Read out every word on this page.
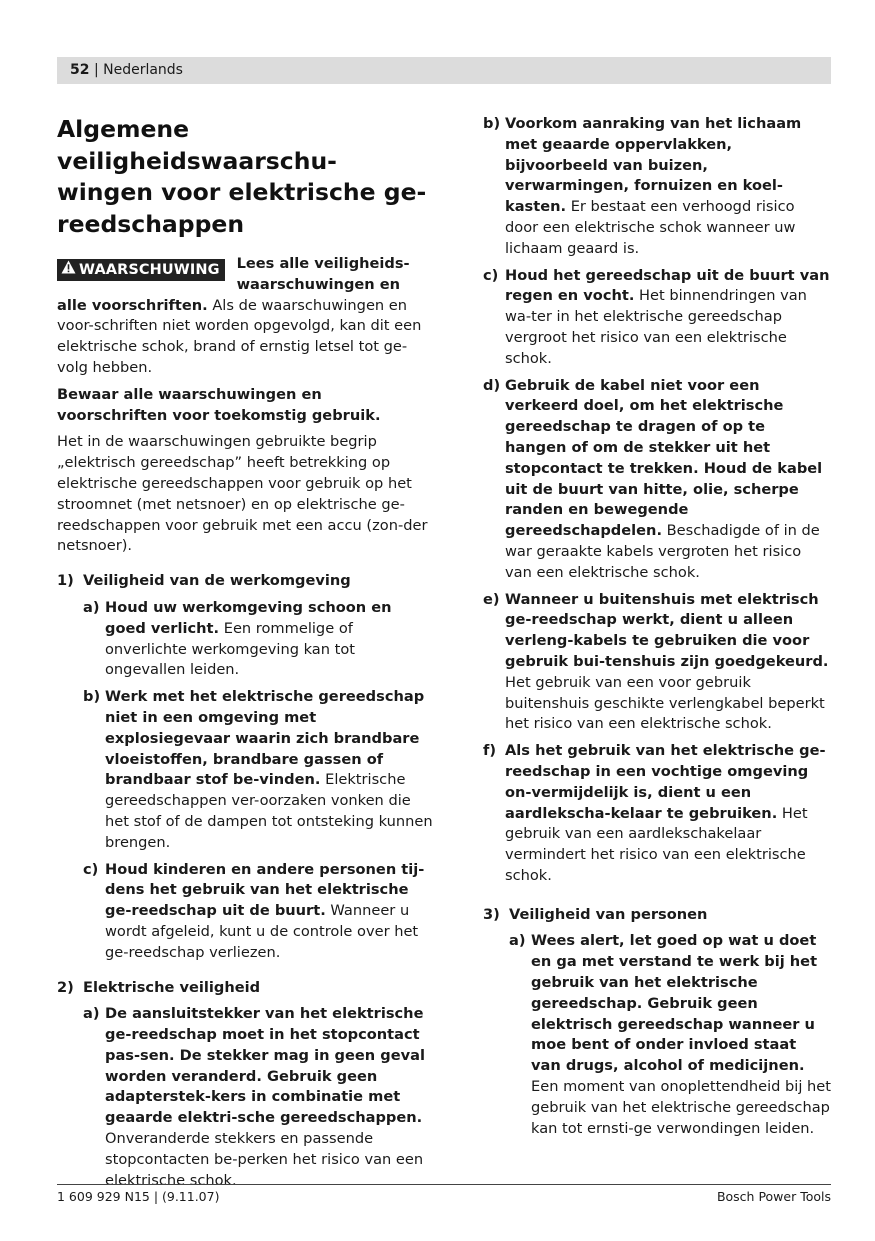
52 | Nederlands
Algemene veiligheidswaarschu-
wingen voor elektrische ge-
reedschappen
WAARSCHUWING	Lees alle veiligheids-waarschuwingen en alle voorschriften. Als de waarschuwingen en voor-schriften niet worden opgevolgd, kan dit een elektrische schok, brand of ernstig letsel tot ge-volg hebben.

Bewaar alle waarschuwingen en voorschriften voor toekomstig gebruik.

Het in de waarschuwingen gebruikte begrip „elektrisch gereedschap” heeft betrekking op elektrische gereedschappen voor gebruik op het stroomnet (met netsnoer) en op elektrische ge-reedschappen voor gebruik met een accu (zon-der netsnoer).

1) Veiligheid van de werkomgeving
a) Houd uw werkomgeving schoon en goed verlicht. Een rommelige of onverlichte werkomgeving kan tot ongevallen leiden.
b) Werk met het elektrische gereedschap niet in een omgeving met explosiegevaar waarin zich brandbare vloeistoffen, brandbare gassen of brandbaar stof be-vinden. Elektrische gereedschappen ver-oorzaken vonken die het stof of de dampen tot ontsteking kunnen brengen.
c) Houd kinderen en andere personen tij-dens het gebruik van het elektrische ge-reedschap uit de buurt. Wanneer u wordt afgeleid, kunt u de controle over het ge-reedschap verliezen.
2) Elektrische veiligheid
a) De aansluitstekker van het elektrische ge-reedschap moet in het stopcontact pas-sen. De stekker mag in geen geval worden veranderd. Gebruik geen adapterstek-kers in combinatie met geaarde elektri-sche gereedschappen. Onveranderde stekkers en passende stopcontacten be-perken het risico van een elektrische schok.
b) Voorkom aanraking van het lichaam met geaarde oppervlakken, bijvoorbeeld van buizen, verwarmingen, fornuizen en koel-kasten. Er bestaat een verhoogd risico door een elektrische schok wanneer uw lichaam geaard is.
c) Houd het gereedschap uit de buurt van regen en vocht. Het binnendringen van wa-ter in het elektrische gereedschap vergroot het risico van een elektrische schok.
d) Gebruik de kabel niet voor een verkeerd doel, om het elektrische gereedschap te dragen of op te hangen of om de stekker uit het stopcontact te trekken. Houd de kabel uit de buurt van hitte, olie, scherpe randen en bewegende gereedschapdelen. Beschadigde of in de war geraakte kabels vergroten het risico van een elektrische schok.
e) Wanneer u buitenshuis met elektrisch ge-reedschap werkt, dient u alleen verleng-kabels te gebruiken die voor gebruik bui-tenshuis zijn goedgekeurd. Het gebruik van een voor gebruik buitenshuis geschikte verlengkabel beperkt het risico van een elektrische schok.
f) Als het gebruik van het elektrische ge-reedschap in een vochtige omgeving on-vermijdelijk is, dient u een aardlekscha-kelaar te gebruiken. Het gebruik van een aardlekschakelaar vermindert het risico van een elektrische schok.
3) Veiligheid van personen
a) Wees alert, let goed op wat u doet en ga met verstand te werk bij het gebruik van het elektrische gereedschap. Gebruik geen elektrisch gereedschap wanneer u moe bent of onder invloed staat van drugs, alcohol of medicijnen. Een moment van onoplettendheid bij het gebruik van het elektrische gereedschap kan tot ernsti-ge verwondingen leiden.
1 609 929 N15 | (9.11.07)	Bosch Power Tools
